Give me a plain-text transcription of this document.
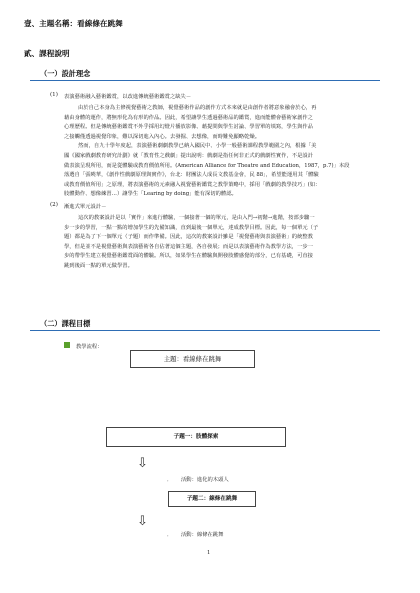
壹、主題名稱：看線條在跳舞
貳、課程說明
（一）設計理念
(1) 表演藝術融入藝術鑑賞，以改進傳統藝術鑑賞之缺失－
由於自己本身為主修視覺藝術之教師，視覺藝術作品的創作方式本來就是由創作者將意象融會於心，再
藉由身體的運作，將無形化為有形的作品。因此，希望讓學生透過藝術品的鑑賞，進而能體會藝術家創作之
心理歷程。但是傳統藝術鑑賞不外乎採用幻燈片播放影像、藉提問與學生討論、學習單的填寫，學生與作品
之接觸僅透過視覺印象，難以深切進入內心。去發掘、去想像，而時難免顯略乾燥。
然而，自九十學年度起，表演藝術劇劇教學已納入國民中、小學一般藝術課程教學範圍之內，根據「美
國《國家戲劇教育研究計劃》就「教育性之戲劇」提出說明：戲劇是指任何非正式的戲劇性實作，不是設計
做表演呈現所用，而是從體驗或教育價值所用。(American Alliance for Theatre and Education，1987，p.7)」本段
落選自「張曉華，《創作性戲劇原理與實作》，台北：財團法人成長文教基金會，民 88」，希望能運用其「體驗
或教育價值所用」之原理，將表演藝術的元素融入視覺藝術鑑賞之教學策略中，採用「戲劇的教學技巧」(如：
肢體動作、想像練習…）讓學生「Learing by doing」能有深切的體認。
(2) 漸進式單元設計－
這次的教案設計是以「實作」來進行體驗，一個接著一個的單元，是由入門→初階→進階，按部步驟一
步一步的學習，一點一點的增加學生的先備知識，直到最後一個單元，達成教學目標。因此，每一個單元（子
題）都是為了下一個單元（子題）而作準備。因此，這次的教案設計雖是「視覺藝術與表演藝術」的統整教
學，但是並不是視覺藝術與表演藝術各自佔著這個主題，各自發展；而是以表演藝術作為教學方法，一步一
步的帶學生建立視覺藝術鑑賞面的體驗。所以，如果學生在體驗與開發肢體感覺的部分，已有基礎，可直接
跳到後面一點的單元做學習。
（二）課程目標
教學流程：
主題：看線條在跳舞
子題一：肢體探索
⇩
． 活動：進化的木頭人
子題二：線條在跳舞
⇩
． 活動：線條在跳舞
1
